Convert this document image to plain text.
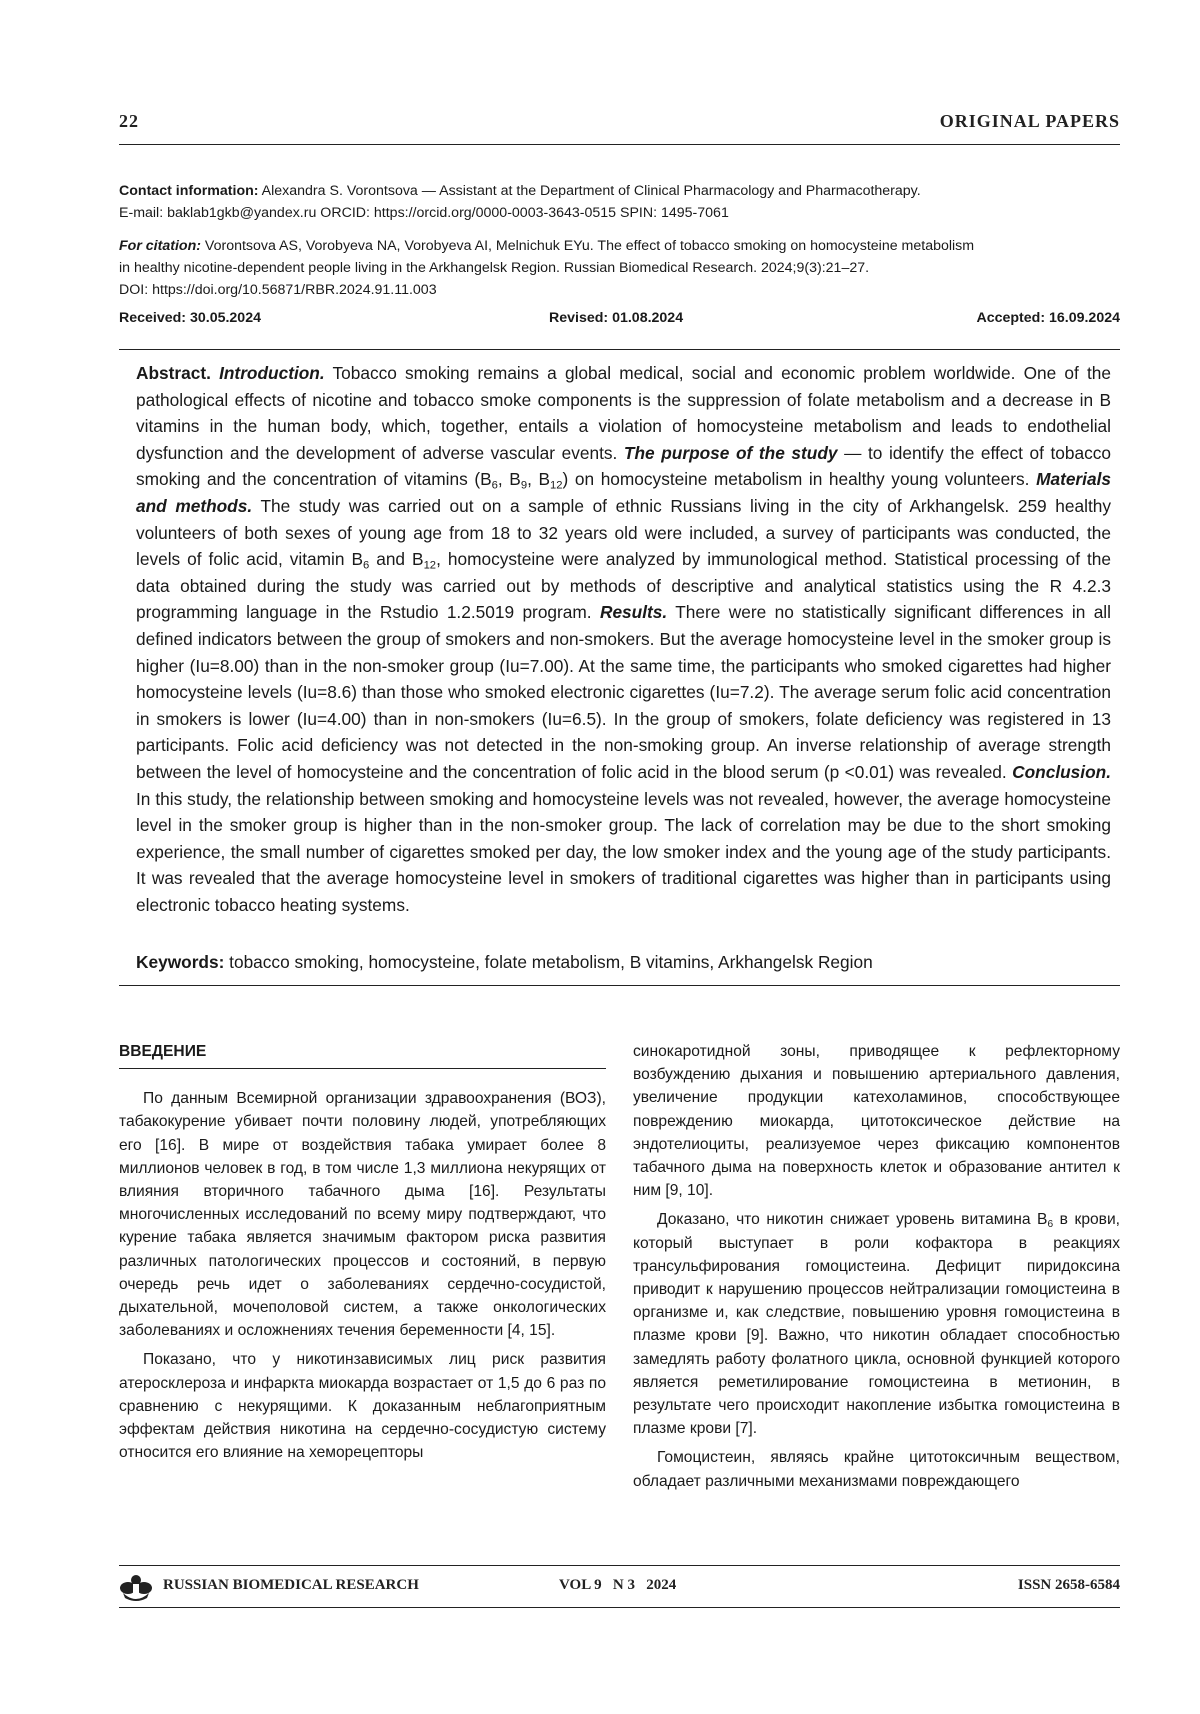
22	ORIGINAL PAPERS

Contact information: Alexandra S. Vorontsova — Assistant at the Department of Clinical Pharmacology and Pharmacotherapy.
E-mail: baklab1gkb@yandex.ru ORCID: https://orcid.org/0000-0003-3643-0515 SPIN: 1495-7061

For citation: Vorontsova AS, Vorobyeva NA, Vorobyeva AI, Melnichuk EYu. The effect of tobacco smoking on homocysteine metabolism
in healthy nicotine-dependent people living in the Arkhangelsk Region. Russian Biomedical Research. 2024;9(3):21–27.
DOI: https://doi.org/10.56871/RBR.2024.91.11.003

Received: 30.05.2024	Revised: 01.08.2024	Accepted: 16.09.2024
Abstract. Introduction. Tobacco smoking remains a global medical, social and economic problem worldwide. One of the pathological effects of nicotine and tobacco smoke components is the suppression of folate metabolism and a decrease in B vitamins in the human body, which, together, entails a violation of homocysteine metabolism and leads to endothelial dysfunction and the development of adverse vascular events. The purpose of the study — to identify the effect of tobacco smoking and the concentration of vitamins ($B_6$, $B_9$, $B_{12}$) on homocysteine metabolism in healthy young volunteers. Materials and methods. The study was carried out on a sample of ethnic Russians living in the city of Arkhangelsk. 259 healthy volunteers of both sexes of young age from 18 to 32 years old were included, a survey of participants was conducted, the levels of folic acid, vitamin $B_6$ and $B_{12}$, homocysteine were analyzed by immunological method. Statistical processing of the data obtained during the study was carried out by methods of descriptive and analytical statistics using the R 4.2.3 programming language in the Rstudio 1.2.5019 program. Results. There were no statistically significant differences in all defined indicators between the group of smokers and non-smokers. But the average homocysteine level in the smoker group is higher (Iu=8.00) than in the non-smoker group (Iu=7.00). At the same time, the participants who smoked cigarettes had higher homocysteine levels (Iu=8.6) than those who smoked electronic cigarettes (Iu=7.2). The average serum folic acid concentration in smokers is lower (Iu=4.00) than in non-smokers (Iu=6.5). In the group of smokers, folate deficiency was registered in 13 participants. Folic acid deficiency was not detected in the non-smoking group. An inverse relationship of average strength between the level of homocysteine and the concentration of folic acid in the blood serum (p <0.01) was revealed. Conclusion. In this study, the relationship between smoking and homocysteine levels was not revealed, however, the average homocysteine level in the smoker group is higher than in the non-smoker group. The lack of correlation may be due to the short smoking experience, the small number of cigarettes smoked per day, the low smoker index and the young age of the study participants. It was revealed that the average homocysteine level in smokers of traditional cigarettes was higher than in participants using electronic tobacco heating systems.
Keywords: tobacco smoking, homocysteine, folate metabolism, B vitamins, Arkhangelsk Region
ВВЕДЕНИЕ

По данным Всемирной организации здравоохранения (ВОЗ), табакокурение убивает почти половину людей, употребляющих его [16]. В мире от воздействия табака умирает более 8 миллионов человек в год, в том числе 1,3 миллиона некурящих от влияния вторичного табачного дыма [16]. Результаты многочисленных исследований по всему миру подтверждают, что курение табака является значимым фактором риска развития различных патологических процессов и состояний, в первую очередь речь идет о заболеваниях сердечно-сосудистой, дыхательной, мочеполовой систем, а также онкологических заболеваниях и осложнениях течения беременности [4, 15].

Показано, что у никотинзависимых лиц риск развития атеросклероза и инфаркта миокарда возрастает от 1,5 до 6 раз по сравнению с некурящими. К доказанным неблагоприятным эффектам действия никотина на сердечно-сосудистую систему относится его влияние на хеморецепторы

синокаротидной зоны, приводящее к рефлекторному возбуждению дыхания и повышению артериального давления, увеличение продукции катехоламинов, способствующее повреждению миокарда, цитотоксическое действие на эндотелиоциты, реализуемое через фиксацию компонентов табачного дыма на поверхность клеток и образование антител к ним [9, 10].

Доказано, что никотин снижает уровень витамина $B_6$ в крови, который выступает в роли кофактора в реакциях трансульфирования гомоцистеина. Дефицит пиридоксина приводит к нарушению процессов нейтрализации гомоцистеина в организме и, как следствие, повышению уровня гомоцистеина в плазме крови [9]. Важно, что никотин обладает способностью замедлять работу фолатного цикла, основной функцией которого является реметилирование гомоцистеина в метионин, в результате чего происходит накопление избытка гомоцистеина в плазме крови [7].

Гомоцистеин, являясь крайне цитотоксичным веществом, обладает различными механизмами повреждающего

RUSSIAN BIOMEDICAL RESEARCH	VOL 9   N 3   2024	ISSN 2658-6584
